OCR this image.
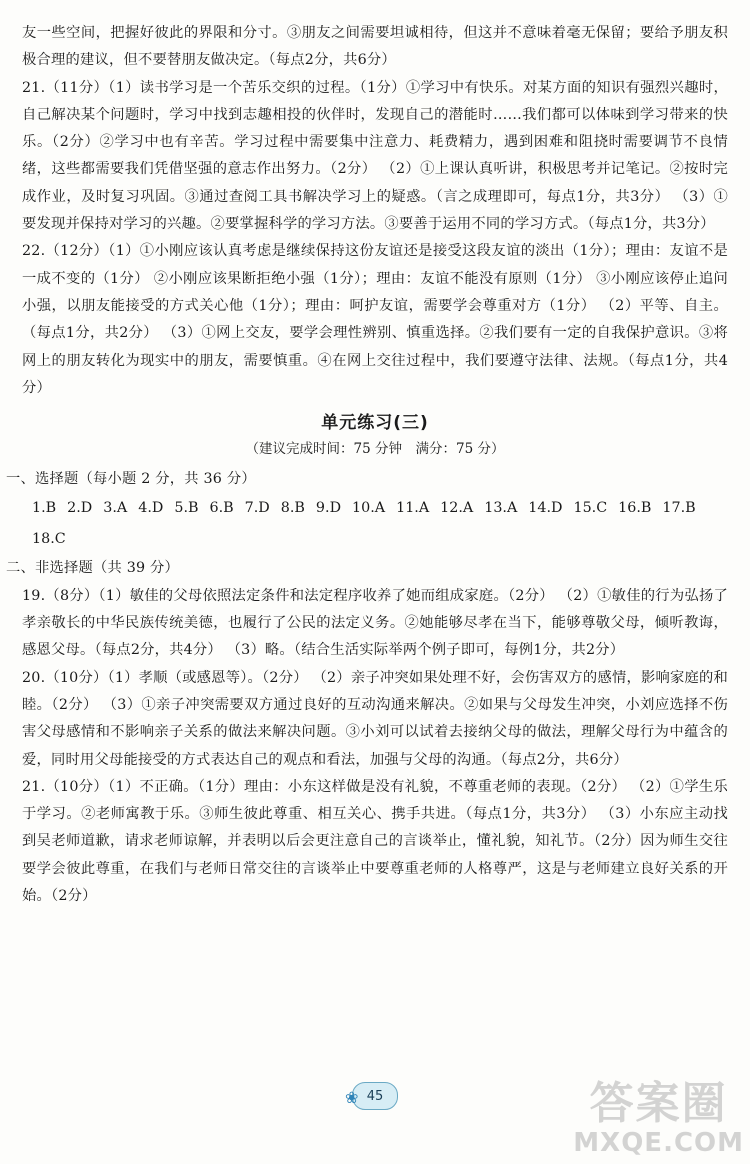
友一些空间，把握好彼此的界限和分寸。③朋友之间需要坦诚相待，但这并不意味着毫无保留；要给予朋友积极合理的建议，但不要替朋友做决定。（每点2分，共6分）

21.（11分）（1）读书学习是一个苦乐交织的过程。（1分）①学习中有快乐。对某方面的知识有强烈兴趣时，自己解决某个问题时，学习中找到志趣相投的伙伴时，发现自己的潜能时……我们都可以体味到学习带来的快乐。（2分）②学习中也有辛苦。学习过程中需要集中注意力、耗费精力，遇到困难和阻挠时需要调节不良情绪，这些都需要我们凭借坚强的意志作出努力。（2分） （2）①上课认真听讲，积极思考并记笔记。②按时完成作业，及时复习巩固。③通过查阅工具书解决学习上的疑惑。（言之成理即可，每点1分，共3分） （3）①要发现并保持对学习的兴趣。②要掌握科学的学习方法。③要善于运用不同的学习方式。（每点1分，共3分）

22.（12分）（1）①小刚应该认真考虑是继续保持这份友谊还是接受这段友谊的淡出（1分）；理由：友谊不是一成不变的（1分） ②小刚应该果断拒绝小强（1分）；理由：友谊不能没有原则（1分） ③小刚应该停止追问小强，以朋友能接受的方式关心他（1分）；理由：呵护友谊，需要学会尊重对方（1分） （2）平等、自主。（每点1分，共2分） （3）①网上交友，要学会理性辨别、慎重选择。②我们要有一定的自我保护意识。③将网上的朋友转化为现实中的朋友，需要慎重。④在网上交往过程中，我们要遵守法律、法规。（每点1分，共4分）

单元练习(三)
（建议完成时间：75 分钟　满分：75 分）

一、选择题（每小题 2 分，共 36 分）

1.B 2.D 3.A 4.D 5.B 6.B 7.D 8.B 9.D 10.A 11.A 12.A 13.A 14.D 15.C 16.B 17.B18.C

二、非选择题（共 39 分）

19.（8分）（1）敏佳的父母依照法定条件和法定程序收养了她而组成家庭。（2分） （2）①敏佳的行为弘扬了孝亲敬长的中华民族传统美德，也履行了公民的法定义务。②她能够尽孝在当下，能够尊敬父母，倾听教诲，感恩父母。（每点2分，共4分） （3）略。（结合生活实际举两个例子即可，每例1分，共2分）

20.（10分）（1）孝顺（或感恩等）。（2分） （2）亲子冲突如果处理不好，会伤害双方的感情，影响家庭的和睦。（2分） （3）①亲子冲突需要双方通过良好的互动沟通来解决。②如果与父母发生冲突，小刘应选择不伤害父母感情和不影响亲子关系的做法来解决问题。③小刘可以试着去接纳父母的做法，理解父母行为中蕴含的爱，同时用父母能接受的方式表达自己的观点和看法，加强与父母的沟通。（每点2分，共6分）

21.（10分）（1）不正确。（1分）理由：小东这样做是没有礼貌，不尊重老师的表现。（2分） （2）①学生乐于学习。②老师寓教于乐。③师生彼此尊重、相互关心、携手共进。（每点1分，共3分） （3）小东应主动找到吴老师道歉，请求老师谅解，并表明以后会更注意自己的言谈举止，懂礼貌，知礼节。（2分）因为师生交往要学会彼此尊重，在我们与老师日常交往的言谈举止中要尊重老师的人格尊严，这是与老师建立良好关系的开始。（2分）

❀ 45	答案圈
MXQE.COM
